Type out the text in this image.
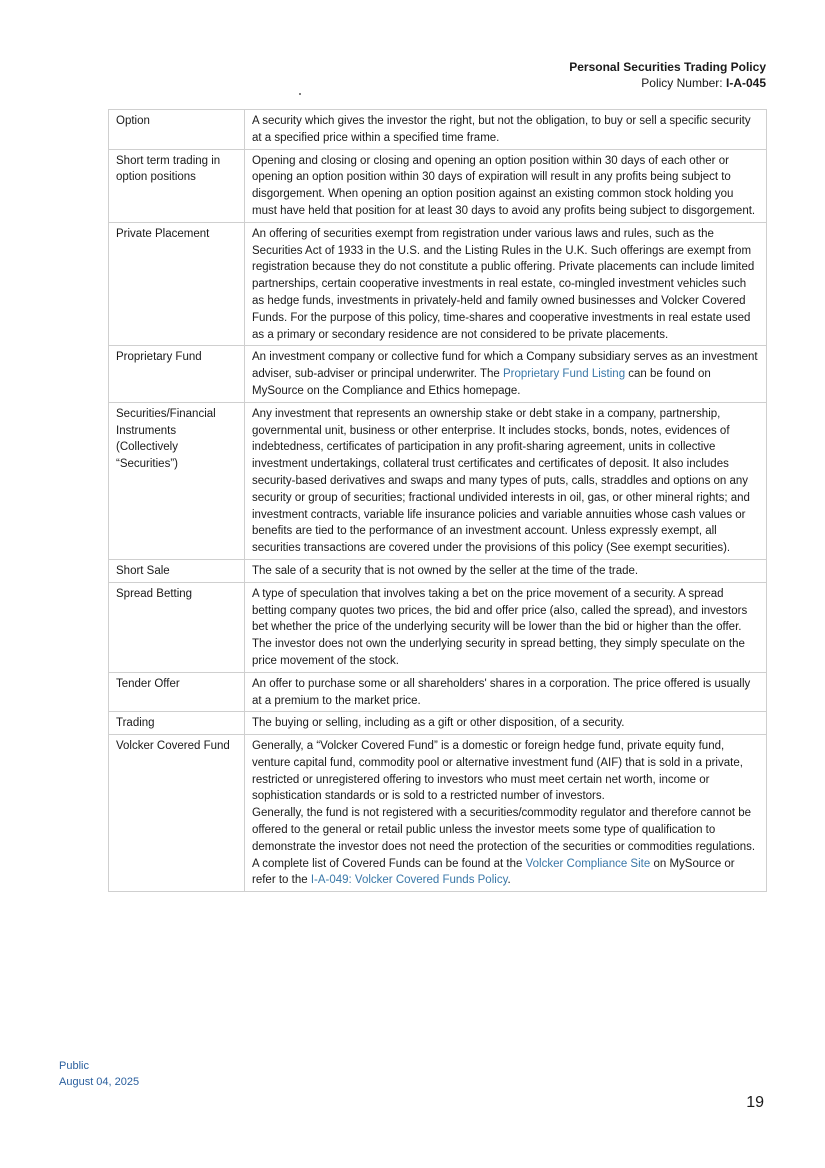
Personal Securities Trading Policy
Policy Number: I-A-045
Option	A security which gives the investor the right, but not the obligation, to buy or sell a specific security at a specified price within a specified time frame.
Short term trading in option positions	Opening and closing or closing and opening an option position within 30 days of each other or opening an option position within 30 days of expiration will result in any profits being subject to disgorgement. When opening an option position against an existing common stock holding you must have held that position for at least 30 days to avoid any profits being subject to disgorgement.
Private Placement	An offering of securities exempt from registration under various laws and rules, such as the Securities Act of 1933 in the U.S. and the Listing Rules in the U.K. Such offerings are exempt from registration because they do not constitute a public offering. Private placements can include limited partnerships, certain cooperative investments in real estate, co-mingled investment vehicles such as hedge funds, investments in privately-held and family owned businesses and Volcker Covered Funds. For the purpose of this policy, time-shares and cooperative investments in real estate used as a primary or secondary residence are not considered to be private placements.
Proprietary Fund	An investment company or collective fund for which a Company subsidiary serves as an investment adviser, sub-adviser or principal underwriter. The Proprietary Fund Listing can be found on MySource on the Compliance and Ethics homepage.
Securities/Financial Instruments (Collectively “Securities”)	Any investment that represents an ownership stake or debt stake in a company, partnership, governmental unit, business or other enterprise. It includes stocks, bonds, notes, evidences of indebtedness, certificates of participation in any profit-sharing agreement, units in collective investment undertakings, collateral trust certificates and certificates of deposit. It also includes security-based derivatives and swaps and many types of puts, calls, straddles and options on any security or group of securities; fractional undivided interests in oil, gas, or other mineral rights; and investment contracts, variable life insurance policies and variable annuities whose cash values or benefits are tied to the performance of an investment account. Unless expressly exempt, all securities transactions are covered under the provisions of this policy (See exempt securities).
Short Sale	The sale of a security that is not owned by the seller at the time of the trade.
Spread Betting	A type of speculation that involves taking a bet on the price movement of a security. A spread betting company quotes two prices, the bid and offer price (also, called the spread), and investors bet whether the price of the underlying security will be lower than the bid or higher than the offer. The investor does not own the underlying security in spread betting, they simply speculate on the price movement of the stock.
Tender Offer	An offer to purchase some or all shareholders' shares in a corporation. The price offered is usually at a premium to the market price.
Trading	The buying or selling, including as a gift or other disposition, of a security.
Volcker Covered Fund	Generally, a “Volcker Covered Fund” is a domestic or foreign hedge fund, private equity fund, venture capital fund, commodity pool or alternative investment fund (AIF) that is sold in a private, restricted or unregistered offering to investors who must meet certain net worth, income or sophistication standards or is sold to a restricted number of investors.
Generally, the fund is not registered with a securities/commodity regulator and therefore cannot be offered to the general or retail public unless the investor meets some type of qualification to demonstrate the investor does not need the protection of the securities or commodities regulations.
A complete list of Covered Funds can be found at the Volcker Compliance Site on MySource or refer to the I-A-049: Volcker Covered Funds Policy.
Public
August 04, 2025
19
